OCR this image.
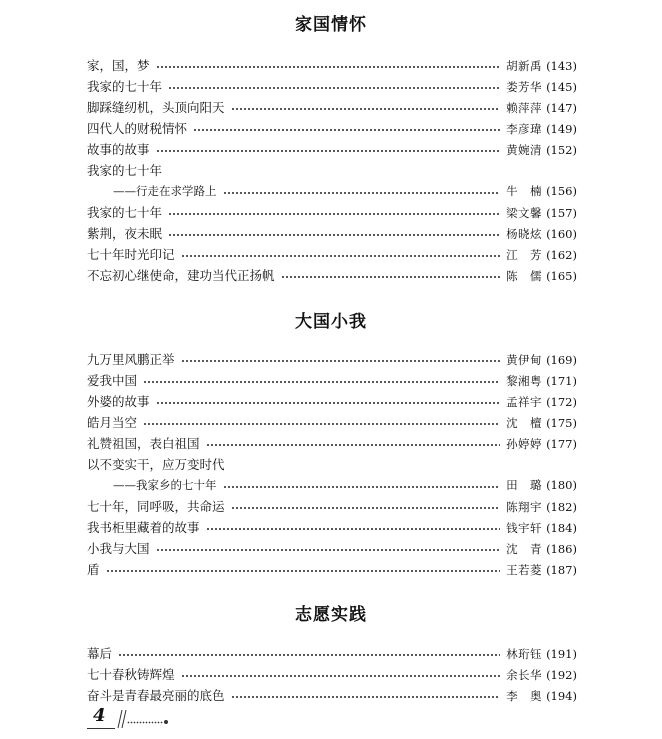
家国情怀
家，国，梦	胡新禹 (143)
我家的七十年	娄芳华 (145)
脚踩缝纫机，头顶向阳天	赖萍萍 (147)
四代人的财税情怀	李彦瑋 (149)
故事的故事	黄婉清 (152)
我家的七十年
——行走在求学路上	牛　楠 (156)
我家的七十年	梁文馨 (157)
紫荆，夜未眠	杨晓炫 (160)
七十年时光印记	江　芳 (162)
不忘初心继使命，建功当代正扬帆	陈　儒 (165)
大国小我
九万里风鹏正举	黄伊甸 (169)
爱我中国	黎湘粤 (171)
外婆的故事	孟祥宇 (172)
皓月当空	沈　檀 (175)
礼赞祖国，表白祖国	孙婷婷 (177)
以不变实干，应万变时代
——我家乡的七十年	田　璐 (180)
七十年，同呼吸，共命运	陈翔宇 (182)
我书柜里藏着的故事	钱宇轩 (184)
小我与大国	沈　青 (186)
盾	王若菱 (187)
志愿实践
幕后	林珩钰 (191)
七十春秋铸辉煌	余长华 (192)
奋斗是青春最亮丽的底色	李　奥 (194)
4
